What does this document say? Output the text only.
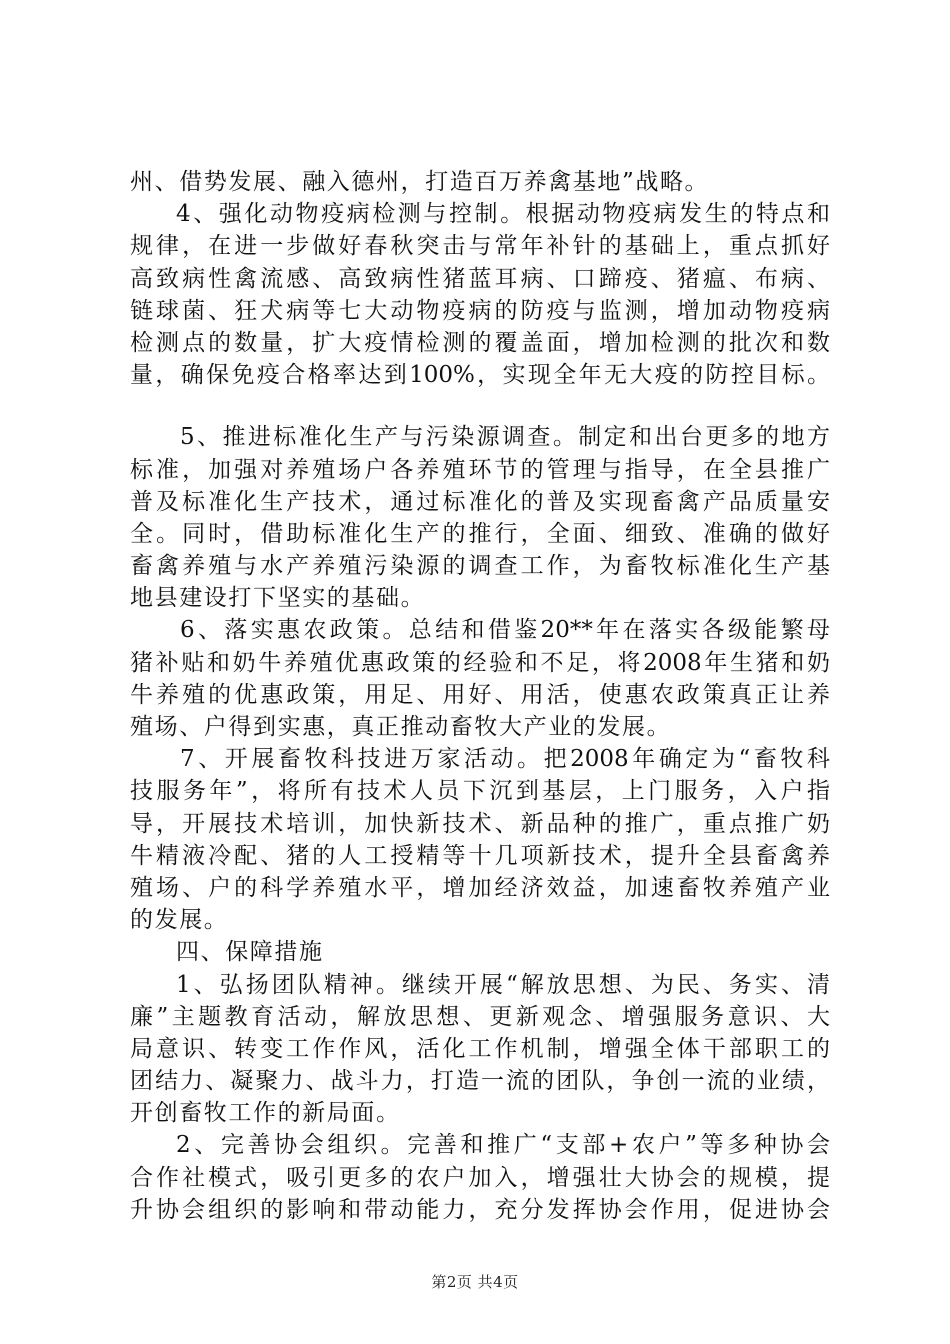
州、借势发展、融入德州，打造百万养禽基地”战略。
4、强化动物疫病检测与控制。根据动物疫病发生的特点和
规律，在进一步做好春秋突击与常年补针的基础上，重点抓好
高致病性禽流感、高致病性猪蓝耳病、口蹄疫、猪瘟、布病、
链球菌、狂犬病等七大动物疫病的防疫与监测，增加动物疫病
检测点的数量，扩大疫情检测的覆盖面，增加检测的批次和数
量，确保免疫合格率达到100%，实现全年无大疫的防控目标。
5、推进标准化生产与污染源调查。制定和出台更多的地方
标准，加强对养殖场户各养殖环节的管理与指导，在全县推广
普及标准化生产技术，通过标准化的普及实现畜禽产品质量安
全。同时，借助标准化生产的推行，全面、细致、准确的做好
畜禽养殖与水产养殖污染源的调查工作，为畜牧标准化生产基
地县建设打下坚实的基础。
6、落实惠农政策。总结和借鉴20**年在落实各级能繁母
猪补贴和奶牛养殖优惠政策的经验和不足，将2008年生猪和奶
牛养殖的优惠政策，用足、用好、用活，使惠农政策真正让养
殖场、户得到实惠，真正推动畜牧大产业的发展。
7、开展畜牧科技进万家活动。把2008年确定为“畜牧科
技服务年”，将所有技术人员下沉到基层，上门服务，入户指
导，开展技术培训，加快新技术、新品种的推广，重点推广奶
牛精液冷配、猪的人工授精等十几项新技术，提升全县畜禽养
殖场、户的科学养殖水平，增加经济效益，加速畜牧养殖产业
的发展。
四、保障措施
1、弘扬团队精神。继续开展“解放思想、为民、务实、清
廉”主题教育活动，解放思想、更新观念、增强服务意识、大
局意识、转变工作作风，活化工作机制，增强全体干部职工的
团结力、凝聚力、战斗力，打造一流的团队，争创一流的业绩，
开创畜牧工作的新局面。
2、完善协会组织。完善和推广“支部+农户”等多种协会
合作社模式，吸引更多的农户加入，增强壮大协会的规模，提
升协会组织的影响和带动能力，充分发挥协会作用，促进协会
第2页 共4页
